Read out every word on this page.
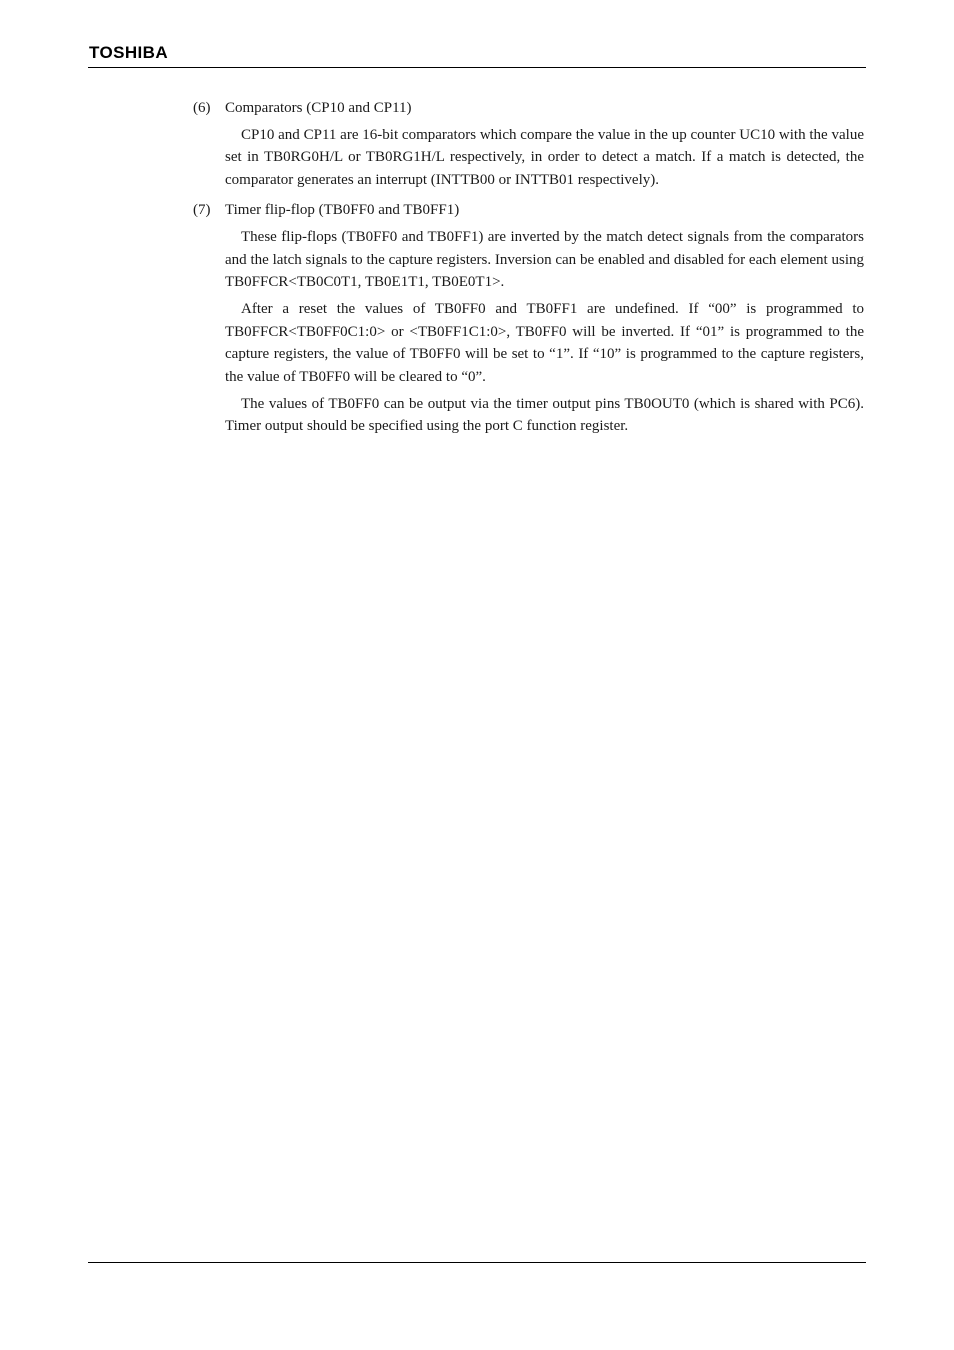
TOSHIBA
(6) Comparators (CP10 and CP11)

CP10 and CP11 are 16-bit comparators which compare the value in the up counter UC10 with the value set in TB0RG0H/L or TB0RG1H/L respectively, in order to detect a match. If a match is detected, the comparator generates an interrupt (INTTB00 or INTTB01 respectively).

(7) Timer flip-flop (TB0FF0 and TB0FF1)

These flip-flops (TB0FF0 and TB0FF1) are inverted by the match detect signals from the comparators and the latch signals to the capture registers. Inversion can be enabled and disabled for each element using TB0FFCR<TB0C0T1, TB0E1T1, TB0E0T1>.

After a reset the values of TB0FF0 and TB0FF1 are undefined. If “00” is programmed to TB0FFCR<TB0FF0C1:0> or <TB0FF1C1:0>, TB0FF0 will be inverted. If “01” is programmed to the capture registers, the value of TB0FF0 will be set to “1”. If “10” is programmed to the capture registers, the value of TB0FF0 will be cleared to “0”.

The values of TB0FF0 can be output via the timer output pins TB0OUT0 (which is shared with PC6). Timer output should be specified using the port C function register.
